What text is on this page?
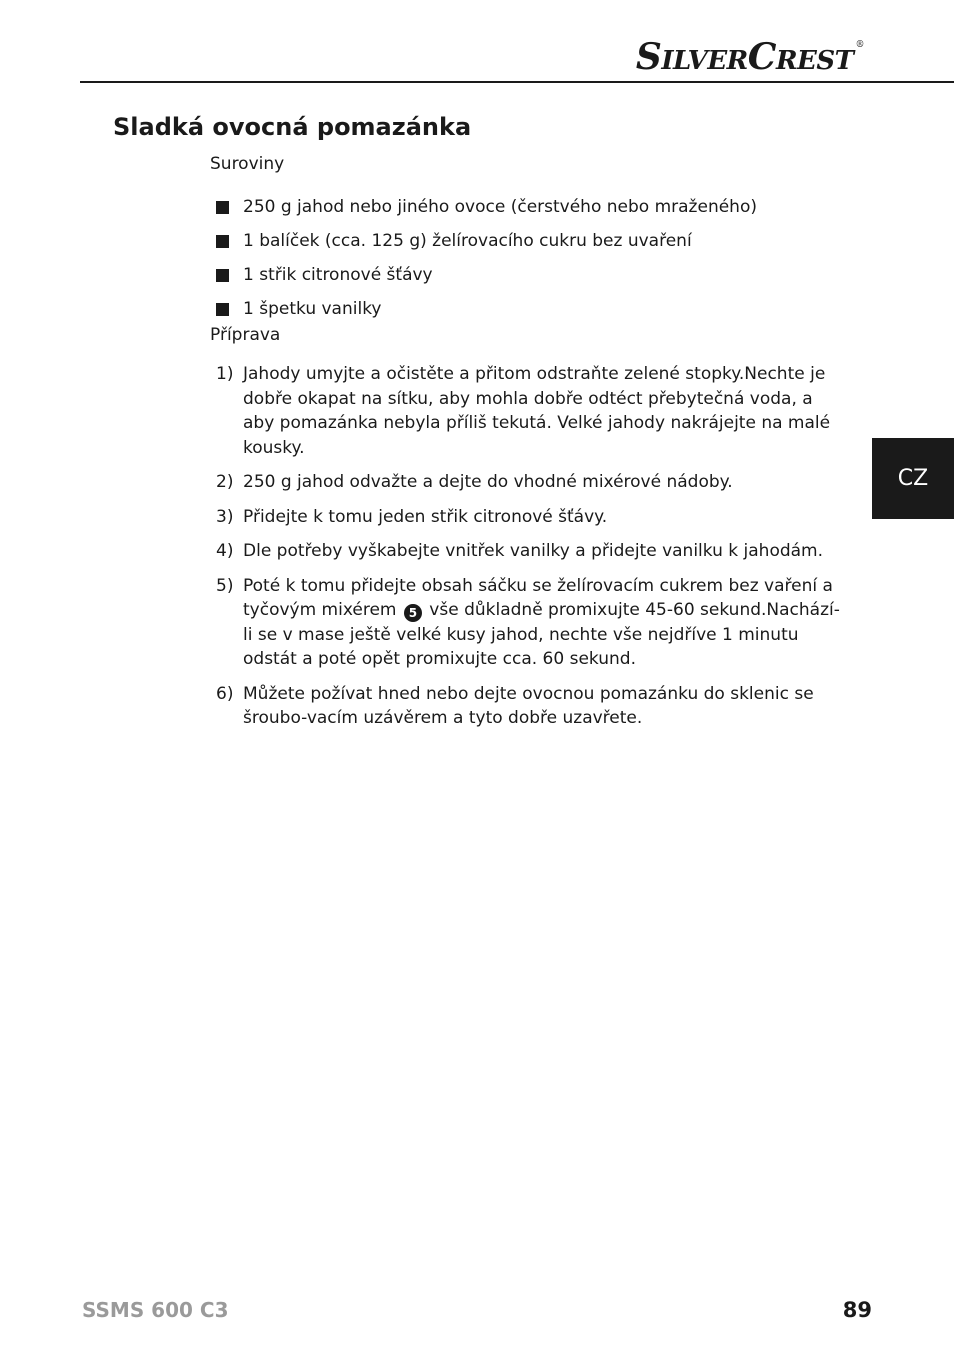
S ILVER C REST
®
Sladká ovocná pomazánka
Suroviny
250 g jahod nebo jiného ovoce (čerstvého nebo mraženého)
1 balíček (cca. 125 g) želírovacího cukru bez uvaření
1 střik citronové šťávy
1 špetku vanilky
Příprava
1) Jahody umyjte a očistěte a přitom odstraňte zelené stopky.Nechte je dobře okapat na sítku, aby mohla dobře odtéct přebytečná voda, a aby pomazánka nebyla příliš tekutá. Velké jahody nakrájejte na malé kousky.
2) 250 g jahod odvažte a dejte do vhodné mixérové nádoby.
3) Přidejte k tomu jeden střik citronové šťávy.
4) Dle potřeby vyškabejte vnitřek vanilky a přidejte vanilku k jahodám.
5) Poté k tomu přidejte obsah sáčku se želírovacím cukrem bez vaření a tyčovým mixérem 5 vše důkladně promixujte 45-60 sekund.Nachází-li se v mase ještě velké kusy jahod, nechte vše nejdříve 1 minutu odstát a poté opět promixujte cca. 60 sekund.
6) Můžete požívat hned nebo dejte ovocnou pomazánku do sklenic se šroubo-vacím uzávěrem a tyto dobře uzavřete.
CZ
SSMS 600 C3	89
